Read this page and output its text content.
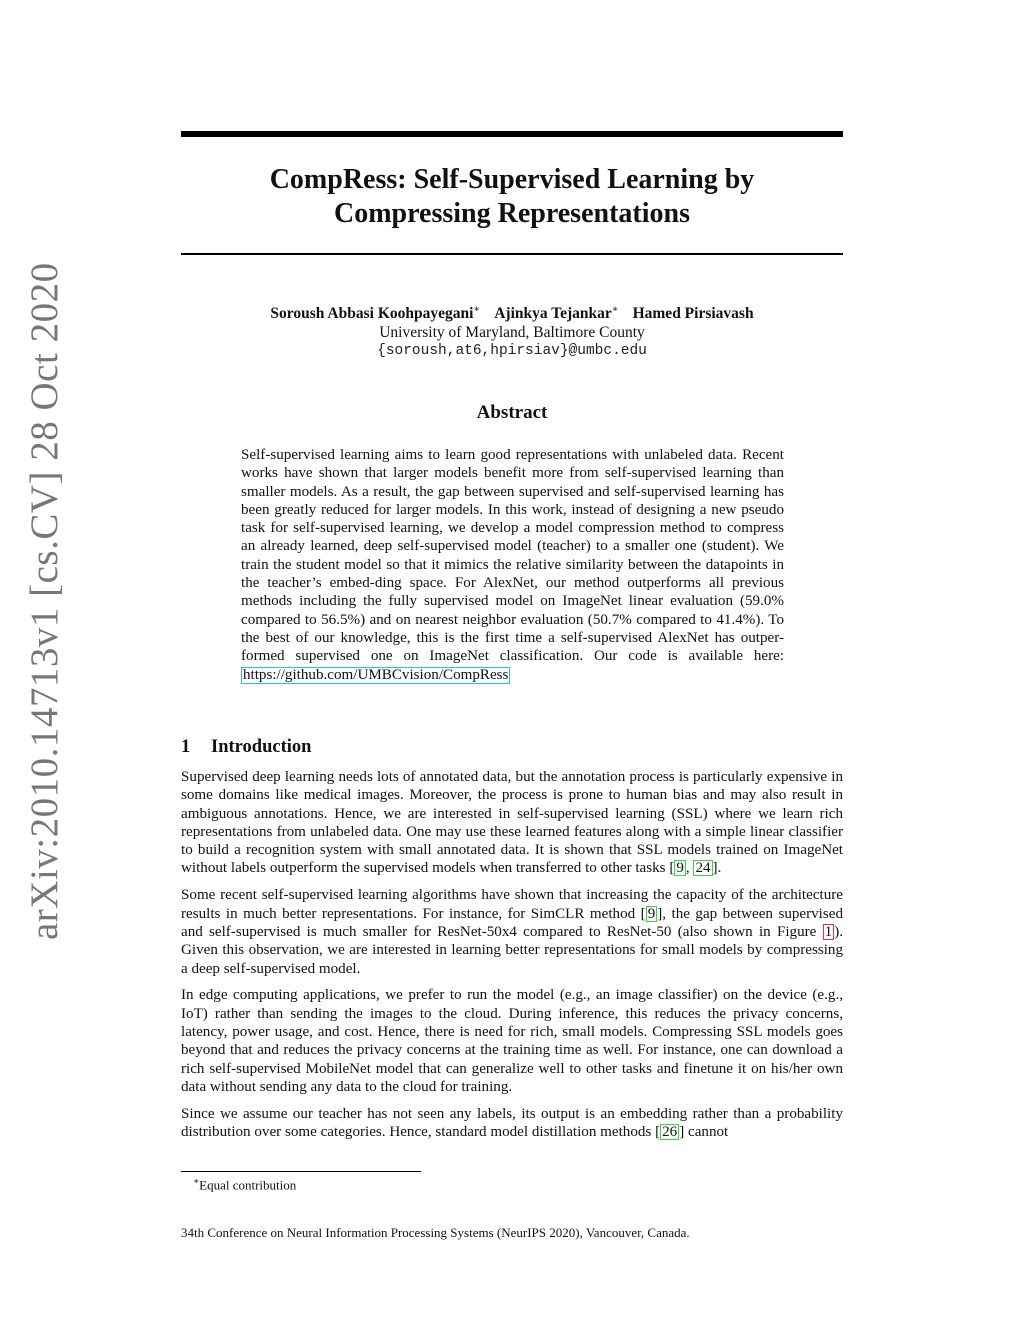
arXiv:2010.14713v1 [cs.CV] 28 Oct 2020
CompRess: Self-Supervised Learning by
Compressing Representations
Soroush Abbasi Koohpayegani∗ Ajinkya Tejankar∗ Hamed Pirsiavash
University of Maryland, Baltimore County
{soroush,at6,hpirsiav}@umbc.edu
Abstract
Self-supervised learning aims to learn good representations with unlabeled data. Recent works have shown that larger models benefit more from self-supervised learning than smaller models. As a result, the gap between supervised and self-supervised learning has been greatly reduced for larger models. In this work, instead of designing a new pseudo task for self-supervised learning, we develop a model compression method to compress an already learned, deep self-supervised model (teacher) to a smaller one (student). We train the student model so that it mimics the relative similarity between the datapoints in the teacher’s embed-ding space. For AlexNet, our method outperforms all previous methods including the fully supervised model on ImageNet linear evaluation (59.0% compared to 56.5%) and on nearest neighbor evaluation (50.7% compared to 41.4%). To the best of our knowledge, this is the first time a self-supervised AlexNet has outper-formed supervised one on ImageNet classification. Our code is available here: https://github.com/UMBCvision/CompRess
1 Introduction

Supervised deep learning needs lots of annotated data, but the annotation process is particularly expensive in some domains like medical images. Moreover, the process is prone to human bias and may also result in ambiguous annotations. Hence, we are interested in self-supervised learning (SSL) where we learn rich representations from unlabeled data. One may use these learned features along with a simple linear classifier to build a recognition system with small annotated data. It is shown that SSL models trained on ImageNet without labels outperform the supervised models when transferred to other tasks [ 9 , 24 ].

Some recent self-supervised learning algorithms have shown that increasing the capacity of the architecture results in much better representations. For instance, for SimCLR method [ 9 ], the gap between supervised and self-supervised is much smaller for ResNet-50x4 compared to ResNet-50 (also shown in Figure 1 ). Given this observation, we are interested in learning better representations for small models by compressing a deep self-supervised model.

In edge computing applications, we prefer to run the model (e.g., an image classifier) on the device (e.g., IoT) rather than sending the images to the cloud. During inference, this reduces the privacy concerns, latency, power usage, and cost. Hence, there is need for rich, small models. Compressing SSL models goes beyond that and reduces the privacy concerns at the training time as well. For instance, one can download a rich self-supervised MobileNet model that can generalize well to other tasks and finetune it on his/her own data without sending any data to the cloud for training.

Since we assume our teacher has not seen any labels, its output is an embedding rather than a probability distribution over some categories. Hence, standard model distillation methods [ 26 ] cannot

∗Equal contribution
34th Conference on Neural Information Processing Systems (NeurIPS 2020), Vancouver, Canada.
